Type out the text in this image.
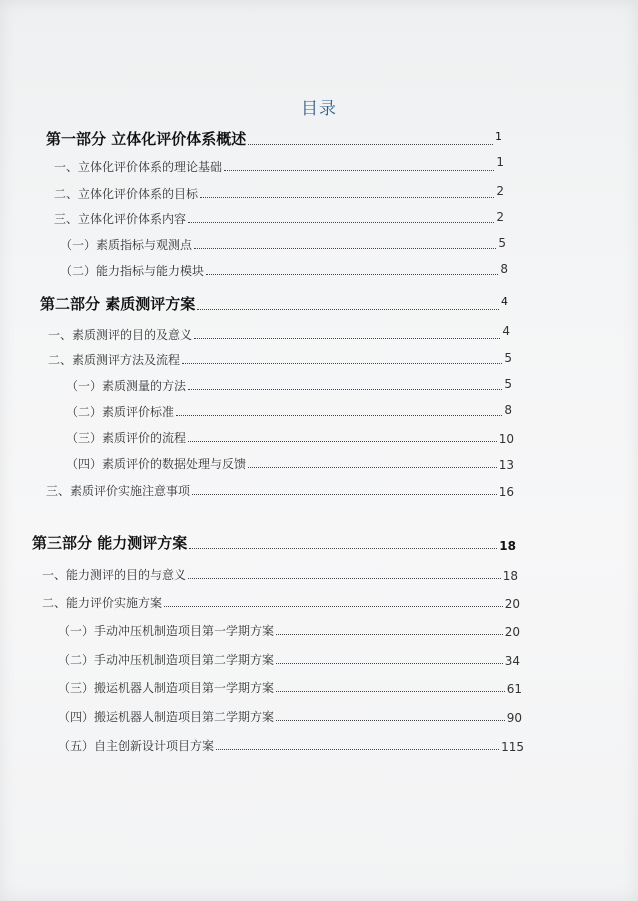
目录
第一部分 立体化评价体系概述	1
一、立体化评价体系的理论基础	1
二、立体化评价体系的目标	2
三、立体化评价体系内容	2
（一）素质指标与观测点	5
（二）能力指标与能力模块	8
第二部分 素质测评方案	4
一、素质测评的目的及意义	4
二、素质测评方法及流程	5
（一）素质测量的方法	5
（二）素质评价标准	8
（三）素质评价的流程	10
（四）素质评价的数据处理与反馈	13
三、素质评价实施注意事项	16
第三部分 能力测评方案	18
一、能力测评的目的与意义	18
二、能力评价实施方案	20
（一）手动冲压机制造项目第一学期方案	20
（二）手动冲压机制造项目第二学期方案	34
（三）搬运机器人制造项目第一学期方案	61
（四）搬运机器人制造项目第二学期方案	90
（五）自主创新设计项目方案	115
